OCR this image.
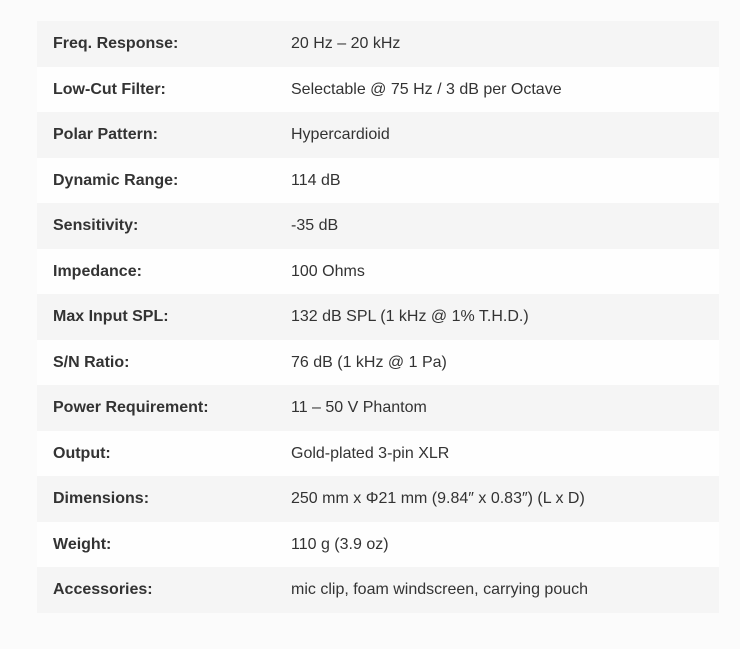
Freq. Response:	20 Hz – 20 kHz
Low-Cut Filter:	Selectable @ 75 Hz / 3 dB per Octave
Polar Pattern:	Hypercardioid
Dynamic Range:	114 dB
Sensitivity:	-35 dB
Impedance:	100 Ohms
Max Input SPL:	132 dB SPL (1 kHz @ 1% T.H.D.)
S/N Ratio:	76 dB (1 kHz @ 1 Pa)
Power Requirement:	11 – 50 V Phantom
Output:	Gold-plated 3-pin XLR
Dimensions:	250 mm x Φ21 mm (9.84″ x 0.83″) (L x D)
Weight:	110 g (3.9 oz)
Accessories:	mic clip, foam windscreen, carrying pouch
